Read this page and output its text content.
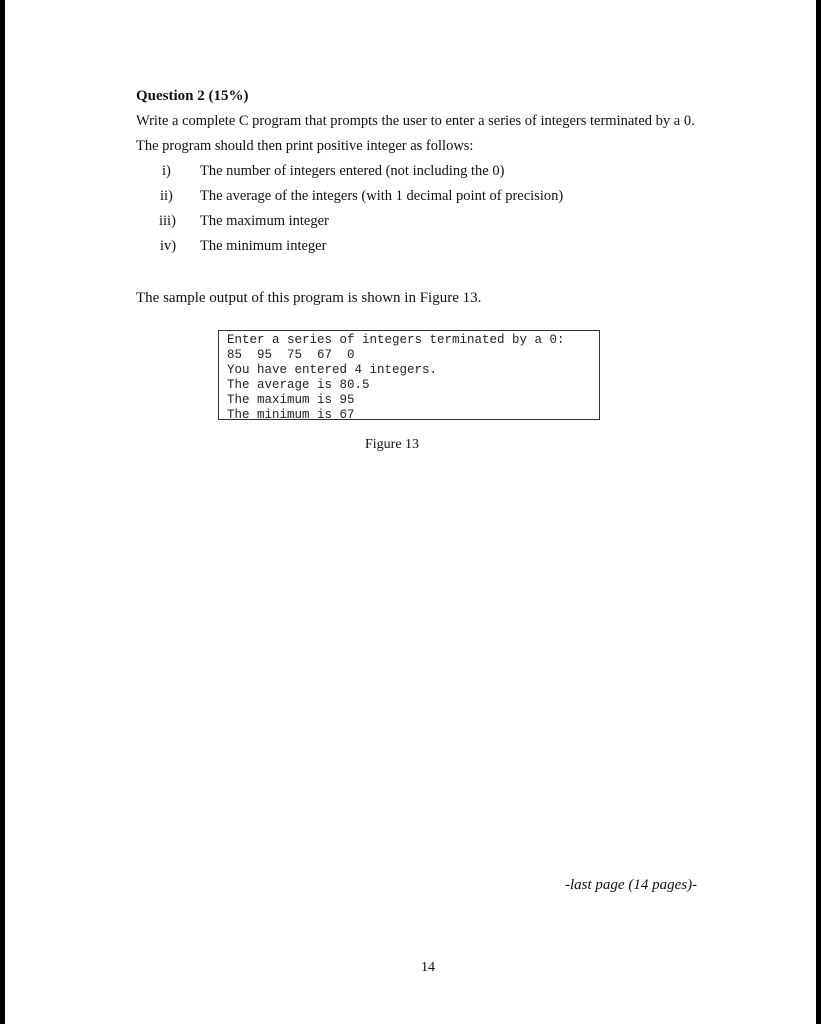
Question 2 (15%)
Write a complete C program that prompts the user to enter a series of integers terminated by a 0.
The program should then print positive integer as follows:
i) The number of integers entered (not including the 0)
ii) The average of the integers (with 1 decimal point of precision)
iii) The maximum integer
iv) The minimum integer
The sample output of this program is shown in Figure 13.
Enter a series of integers terminated by a 0:
85  95  75  67  0
You have entered 4 integers.
The average is 80.5
The maximum is 95
The minimum is 67
Figure 13
-last page (14 pages)-
14
